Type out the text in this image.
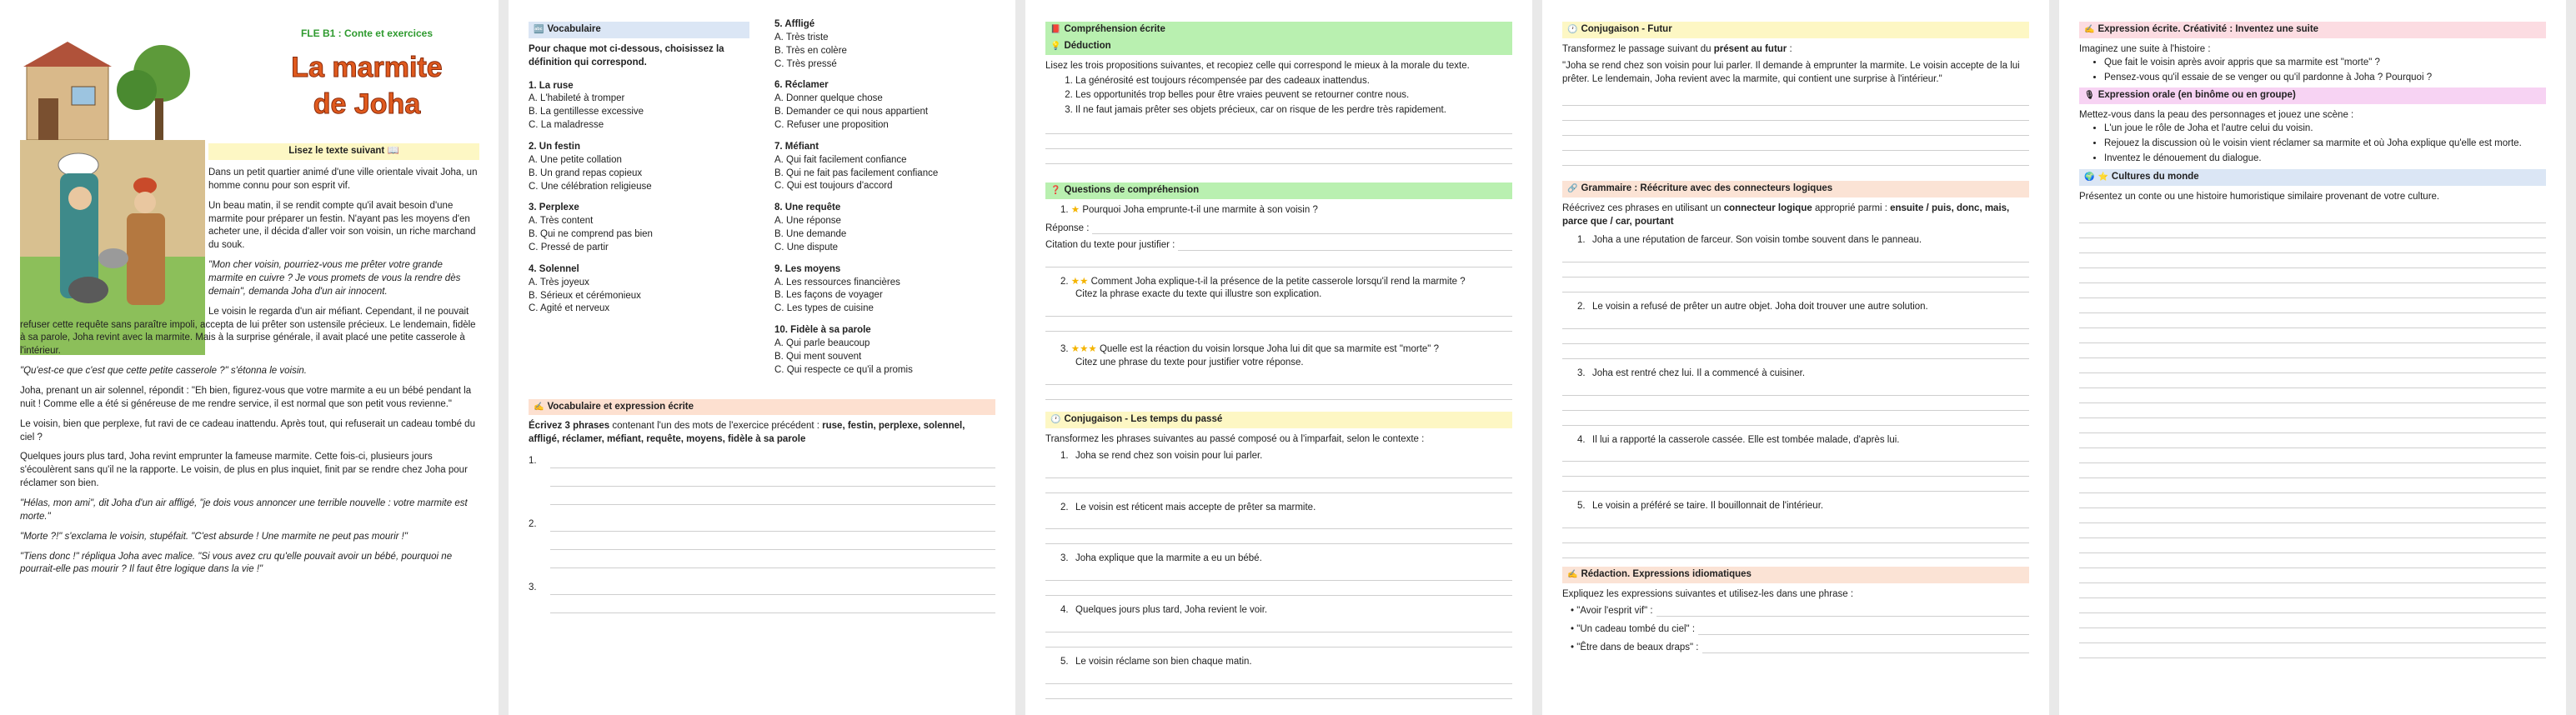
FLE B1 : Conte et exercices
La marmite
de Joha
Lisez le texte suivant 📖

Dans un petit quartier animé d'une ville orientale vivait Joha, un homme connu pour son esprit vif.

Un beau matin, il se rendit compte qu'il avait besoin d'une marmite pour préparer un festin. N'ayant pas les moyens d'en acheter une, il décida d'aller voir son voisin, un riche marchand du souk.

"Mon cher voisin, pourriez-vous me prêter votre grande marmite en cuivre ? Je vous promets de vous la rendre dès demain", demanda Joha d'un air innocent.

Le voisin le regarda d'un air méfiant. Cependant, il ne pouvait refuser cette requête sans paraître impoli, accepta de lui prêter son ustensile précieux. Le lendemain, fidèle à sa parole, Joha revint avec la marmite. Mais à la surprise générale, il avait placé une petite casserole à l'intérieur.

"Qu'est-ce que c'est que cette petite casserole ?" s'étonna le voisin.

Joha, prenant un air solennel, répondit : "Eh bien, figurez-vous que votre marmite a eu un bébé pendant la nuit ! Comme elle a été si généreuse de me rendre service, il est normal que son petit vous revienne."

Le voisin, bien que perplexe, fut ravi de ce cadeau inattendu. Après tout, qui refuserait un cadeau tombé du ciel ?

Quelques jours plus tard, Joha revint emprunter la fameuse marmite. Cette fois-ci, plusieurs jours s'écoulèrent sans qu'il ne la rapporte. Le voisin, de plus en plus inquiet, finit par se rendre chez Joha pour réclamer son bien.

"Hélas, mon ami", dit Joha d'un air affligé, "je dois vous annoncer une terrible nouvelle : votre marmite est morte."

"Morte ?!" s'exclama le voisin, stupéfait. "C'est absurde ! Une marmite ne peut pas mourir !"

"Tiens donc !" répliqua Joha avec malice. "Si vous avez cru qu'elle pouvait avoir un bébé, pourquoi ne pourrait-elle pas mourir ? Il faut être logique dans la vie !"

🔤 Vocabulaire

Pour chaque mot ci-dessous, choisissez la définition qui correspond.

1. La ruse
A. L'habileté à tromper
B. La gentillesse excessive
C. La maladresse
2. Un festin
A. Une petite collation
B. Un grand repas copieux
C. Une célébration religieuse
3. Perplexe
A. Très content
B. Qui ne comprend pas bien
C. Pressé de partir
4. Solennel
A. Très joyeux
B. Sérieux et cérémonieux
C. Agité et nerveux
5. Affligé
A. Très triste
B. Très en colère
C. Très pressé
6. Réclamer
A. Donner quelque chose
B. Demander ce qui nous appartient
C. Refuser une proposition
7. Méfiant
A. Qui fait facilement confiance
B. Qui ne fait pas facilement confiance
C. Qui est toujours d'accord
8. Une requête
A. Une réponse
B. Une demande
C. Une dispute
9. Les moyens
A. Les ressources financières
B. Les façons de voyager
C. Les types de cuisine
10. Fidèle à sa parole
A. Qui parle beaucoup
B. Qui ment souvent
C. Qui respecte ce qu'il a promis
✍ Vocabulaire et expression écrite

Écrivez 3 phrases contenant l'un des mots de l'exercice précédent : ruse, festin, perplexe, solennel, affligé, réclamer, méfiant, requête, moyens, fidèle à sa parole

1.
2.
3.
📕 Compréhension écrite
💡 Déduction

Lisez les trois propositions suivantes, et recopiez celle qui correspond le mieux à la morale du texte.

1. La générosité est toujours récompensée par des cadeaux inattendus.
2. Les opportunités trop belles pour être vraies peuvent se retourner contre nous.
3. Il ne faut jamais prêter ses objets précieux, car on risque de les perdre très rapidement.
❓ Questions de compréhension
1. ★ Pourquoi Joha emprunte-t-il une marmite à son voisin ?
Réponse :
Citation du texte pour justifier :
2. ★★ Comment Joha explique-t-il la présence de la petite casserole lorsqu'il rend la marmite ?
Citez la phrase exacte du texte qui illustre son explication.
3. ★★★ Quelle est la réaction du voisin lorsque Joha lui dit que sa marmite est "morte" ?
Citez une phrase du texte pour justifier votre réponse.
🕐 Conjugaison - Les temps du passé

Transformez les phrases suivantes au passé composé ou à l'imparfait, selon le contexte :

1. Joha se rend chez son voisin pour lui parler.
2. Le voisin est réticent mais accepte de prêter sa marmite.
3. Joha explique que la marmite a eu un bébé.
4. Quelques jours plus tard, Joha revient le voir.
5. Le voisin réclame son bien chaque matin.
🕐 Conjugaison - Futur

Transformez le passage suivant du présent au futur :

"Joha se rend chez son voisin pour lui parler. Il demande à emprunter la marmite. Le voisin accepte de la lui prêter. Le lendemain, Joha revient avec la marmite, qui contient une surprise à l'intérieur."

🔗 Grammaire : Réécriture avec des connecteurs logiques

Réécrivez ces phrases en utilisant un connecteur logique approprié parmi : ensuite / puis, donc, mais, parce que / car, pourtant

1. Joha a une réputation de farceur. Son voisin tombe souvent dans le panneau.
2. Le voisin a refusé de prêter un autre objet. Joha doit trouver une autre solution.
3. Joha est rentré chez lui. Il a commencé à cuisiner.
4. Il lui a rapporté la casserole cassée. Elle est tombée malade, d'après lui.
5. Le voisin a préféré se taire. Il bouillonnait de l'intérieur.
✍ Rédaction. Expressions idiomatiques

Expliquez les expressions suivantes et utilisez-les dans une phrase :

• "Avoir l'esprit vif" :
• "Un cadeau tombé du ciel" :
• "Être dans de beaux draps" :
✍ Expression écrite. Créativité : Inventez une suite

Imaginez une suite à l'histoire :

• Que fait le voisin après avoir appris que sa marmite est "morte" ?
• Pensez-vous qu'il essaie de se venger ou qu'il pardonne à Joha ? Pourquoi ?
🎙 Expression orale (en binôme ou en groupe)

Mettez-vous dans la peau des personnages et jouez une scène :

• L'un joue le rôle de Joha et l'autre celui du voisin.
• Rejouez la discussion où le voisin vient réclamer sa marmite et où Joha explique qu'elle est morte.
• Inventez le dénouement du dialogue.
🌍 ⭐ Cultures du monde

Présentez un conte ou une histoire humoristique similaire provenant de votre culture.
